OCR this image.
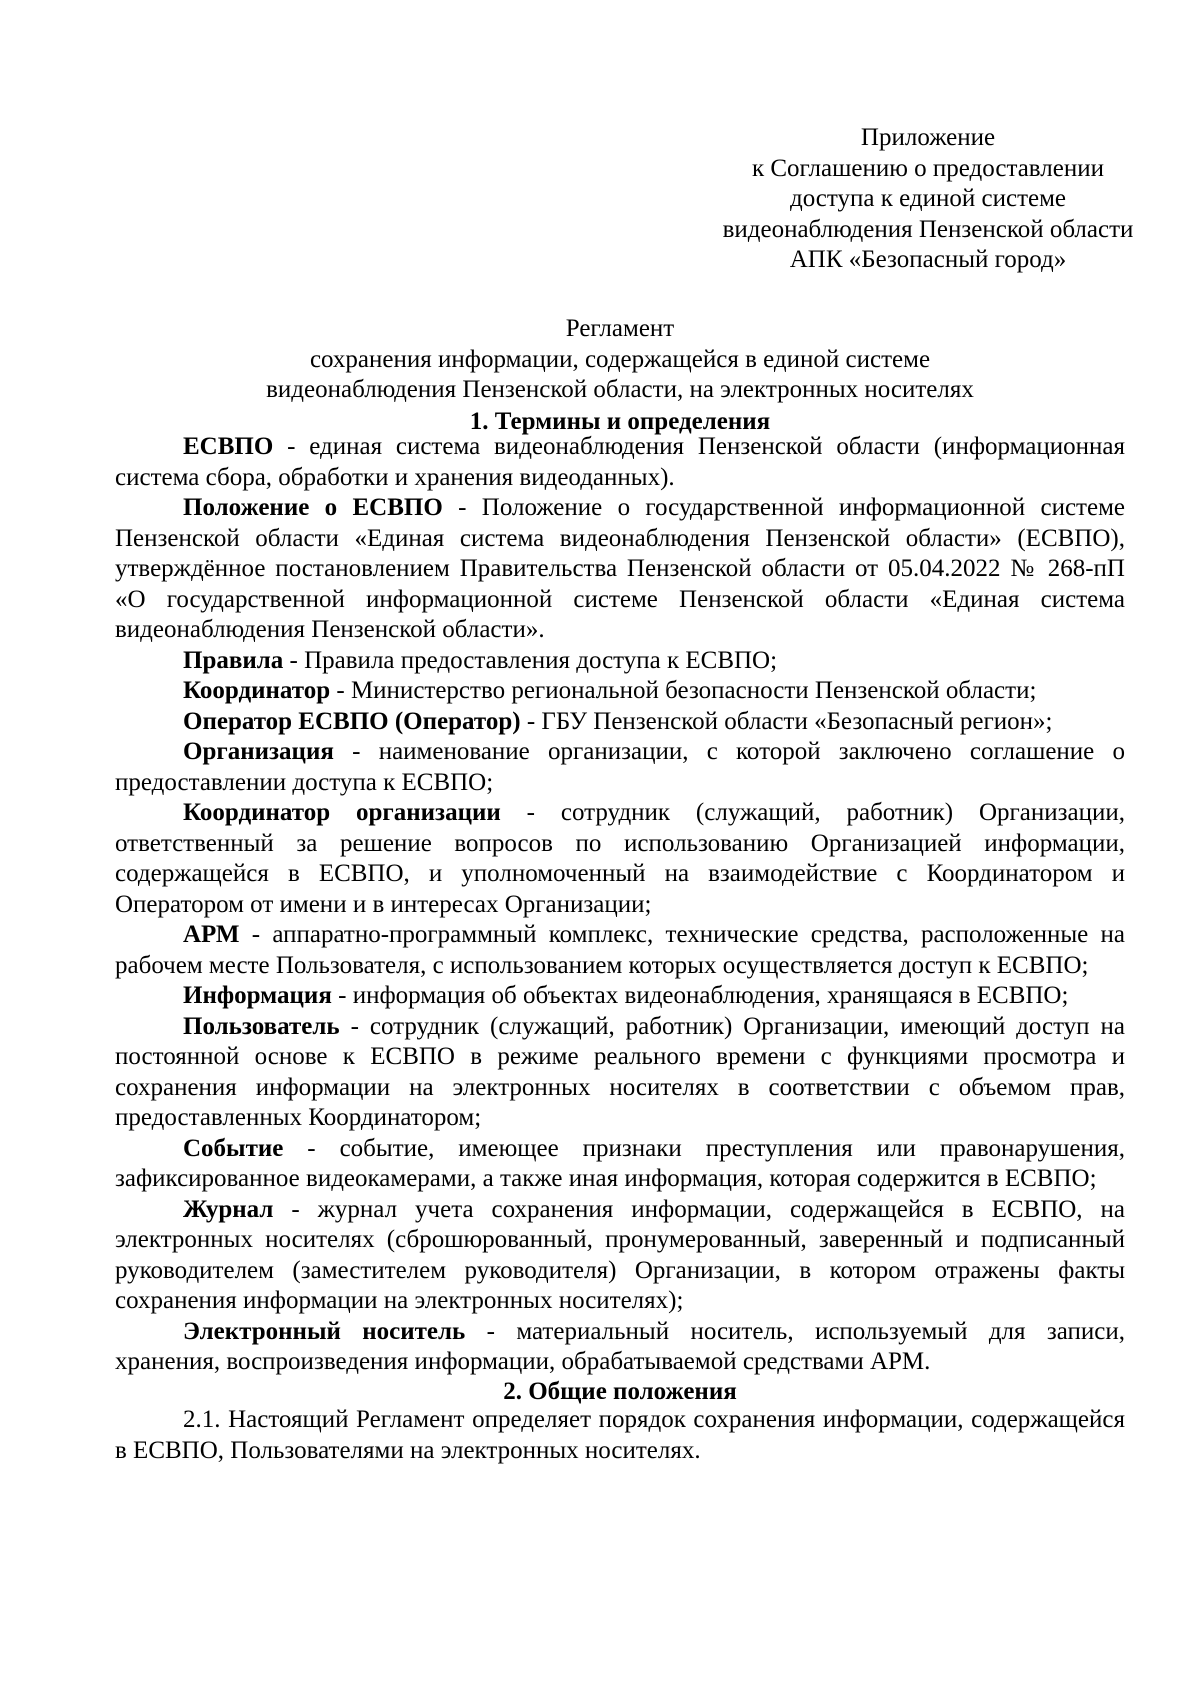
Приложение
к Соглашению о предоставлении
доступа к единой системе
видеонаблюдения Пензенской области
АПК «Безопасный город»
Регламент
сохранения информации, содержащейся в единой системе
видеонаблюдения Пензенской области, на электронных носителях
1. Термины и определения

ЕСВПО - единая система видеонаблюдения Пензенской области (информационная система сбора, обработки и хранения видеоданных).

Положение о ЕСВПО - Положение о государственной информационной системе Пензенской области «Единая система видеонаблюдения Пензенской области» (ЕСВПО), утверждённое постановлением Правительства Пензенской области от 05.04.2022 № 268-пП «О государственной информационной системе Пензенской области «Единая система видеонаблюдения Пензенской области».

Правила - Правила предоставления доступа к ЕСВПО;

Координатор - Министерство региональной безопасности Пензенской области;

Оператор ЕСВПО (Оператор) - ГБУ Пензенской области «Безопасный регион»;

Организация - наименование организации, с которой заключено соглашение о предоставлении доступа к ЕСВПО;

Координатор организации - сотрудник (служащий, работник) Организации, ответственный за решение вопросов по использованию Организацией информации, содержащейся в ЕСВПО, и уполномоченный на взаимодействие с Координатором и Оператором от имени и в интересах Организации;

АРМ - аппаратно-программный комплекс, технические средства, расположенные на рабочем месте Пользователя, с использованием которых осуществляется доступ к ЕСВПО;

Информация - информация об объектах видеонаблюдения, хранящаяся в ЕСВПО;

Пользователь - сотрудник (служащий, работник) Организации, имеющий доступ на постоянной основе к ЕСВПО в режиме реального времени с функциями просмотра и сохранения информации на электронных носителях в соответствии с объемом прав, предоставленных Координатором;

Событие - событие, имеющее признаки преступления или правонарушения, зафиксированное видеокамерами, а также иная информация, которая содержится в ЕСВПО;

Журнал - журнал учета сохранения информации, содержащейся в ЕСВПО, на электронных носителях (сброшюрованный, пронумерованный, заверенный и подписанный руководителем (заместителем руководителя) Организации, в котором отражены факты сохранения информации на электронных носителях);

Электронный носитель - материальный носитель, используемый для записи, хранения, воспроизведения информации, обрабатываемой средствами АРМ.

2. Общие положения

2.1. Настоящий Регламент определяет порядок сохранения информации, содержащейся в ЕСВПО, Пользователями на электронных носителях.
